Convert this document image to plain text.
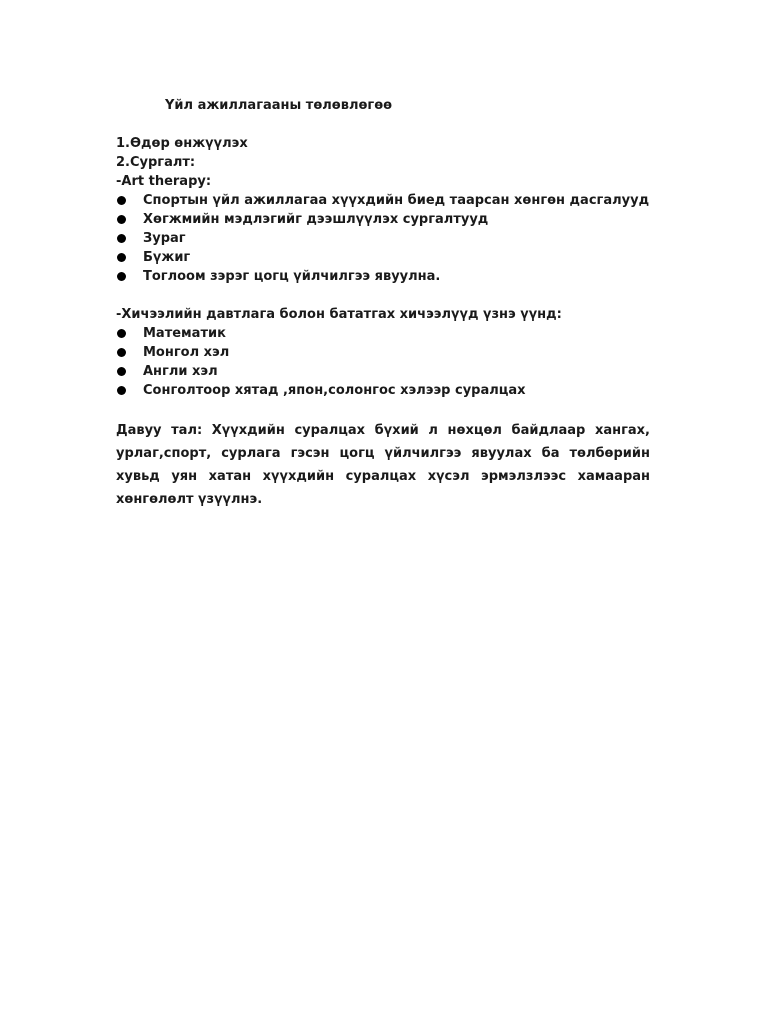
Үйл ажиллагааны төлөвлөгөө
1.Өдөр өнжүүлэх
2.Сургалт:
-Art therapy:
Спортын үйл ажиллагаа хүүхдийн биед таарсан хөнгөн дасгалууд
Хөгжмийн мэдлэгийг дээшлүүлэх сургалтууд
Зураг
Бүжиг
Тоглоом зэрэг цогц үйлчилгээ явуулна.
-Хичээлийн давтлага болон бататгах хичээлүүд үзнэ үүнд:
Математик
Монгол хэл
Англи хэл
Сонголтоор хятад ,япон,солонгос хэлээр суралцах

Давуу тал: Хүүхдийн суралцах бүхий л нөхцөл байдлаар хангах, урлаг,спорт, сурлага гэсэн цогц үйлчилгээ явуулах ба төлбөрийн хувьд уян хатан хүүхдийн суралцах хүсэл эрмэлзлээс хамааран хөнгөлөлт үзүүлнэ.
